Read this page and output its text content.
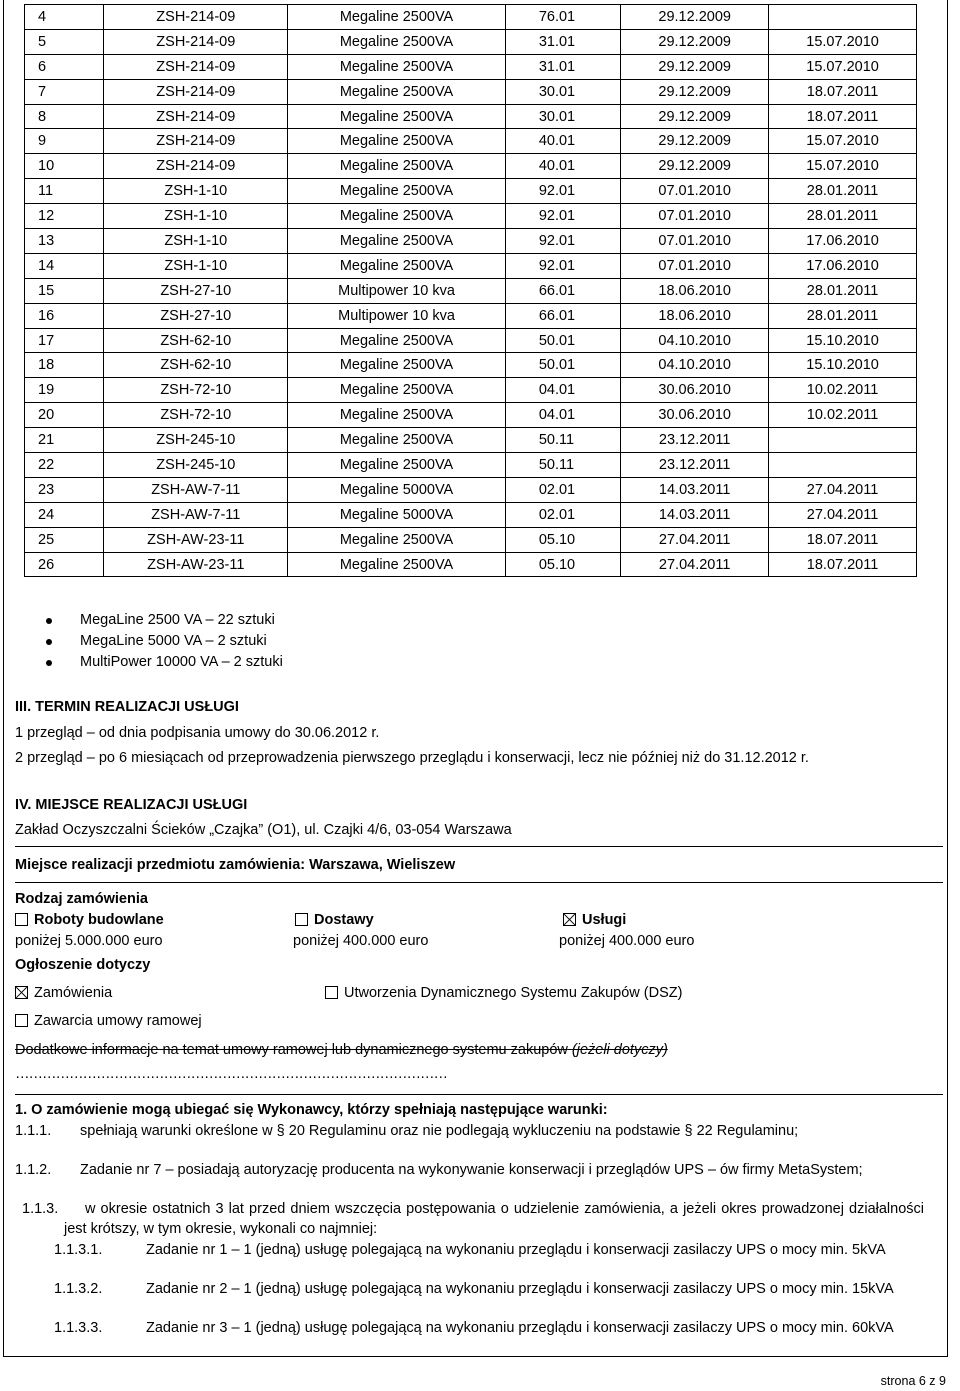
4	ZSH-214-09	Megaline 2500VA	76.01	29.12.2009	
5	ZSH-214-09	Megaline 2500VA	31.01	29.12.2009	15.07.2010
6	ZSH-214-09	Megaline 2500VA	31.01	29.12.2009	15.07.2010
7	ZSH-214-09	Megaline 2500VA	30.01	29.12.2009	18.07.2011
8	ZSH-214-09	Megaline 2500VA	30.01	29.12.2009	18.07.2011
9	ZSH-214-09	Megaline 2500VA	40.01	29.12.2009	15.07.2010
10	ZSH-214-09	Megaline 2500VA	40.01	29.12.2009	15.07.2010
11	ZSH-1-10	Megaline 2500VA	92.01	07.01.2010	28.01.2011
12	ZSH-1-10	Megaline 2500VA	92.01	07.01.2010	28.01.2011
13	ZSH-1-10	Megaline 2500VA	92.01	07.01.2010	17.06.2010
14	ZSH-1-10	Megaline 2500VA	92.01	07.01.2010	17.06.2010
15	ZSH-27-10	Multipower 10 kva	66.01	18.06.2010	28.01.2011
16	ZSH-27-10	Multipower 10 kva	66.01	18.06.2010	28.01.2011
17	ZSH-62-10	Megaline 2500VA	50.01	04.10.2010	15.10.2010
18	ZSH-62-10	Megaline 2500VA	50.01	04.10.2010	15.10.2010
19	ZSH-72-10	Megaline 2500VA	04.01	30.06.2010	10.02.2011
20	ZSH-72-10	Megaline 2500VA	04.01	30.06.2010	10.02.2011
21	ZSH-245-10	Megaline 2500VA	50.11	23.12.2011	
22	ZSH-245-10	Megaline 2500VA	50.11	23.12.2011	
23	ZSH-AW-7-11	Megaline 5000VA	02.01	14.03.2011	27.04.2011
24	ZSH-AW-7-11	Megaline 5000VA	02.01	14.03.2011	27.04.2011
25	ZSH-AW-23-11	Megaline 2500VA	05.10	27.04.2011	18.07.2011
26	ZSH-AW-23-11	Megaline 2500VA	05.10	27.04.2011	18.07.2011
MegaLine 2500 VA – 22 sztuki
MegaLine 5000 VA – 2 sztuki
MultiPower 10000 VA – 2 sztuki
III. TERMIN REALIZACJI USŁUGI
1 przegląd – od dnia podpisania umowy do 30.06.2012 r.
2 przegląd – po 6 miesiącach od przeprowadzenia pierwszego przeglądu i konserwacji, lecz nie później niż do 31.12.2012 r.
IV. MIEJSCE REALIZACJI USŁUGI
Zakład Oczyszczalni Ścieków „Czajka” (O1), ul. Czajki 4/6, 03-054 Warszawa
Miejsce realizacji przedmiotu zamówienia: Warszawa, Wieliszew
Rodzaj zamówienia
Roboty budowlane	Dostawy	Usługi
poniżej 5.000.000 euro	poniżej 400.000 euro	poniżej 400.000 euro
Ogłoszenie dotyczy
Zamówienia	Utworzenia Dynamicznego Systemu Zakupów (DSZ)
Zawarcia umowy ramowej
Dodatkowe informacje na temat umowy ramowej lub dynamicznego systemu zakupów (jeżeli dotyczy)
……………………………………………………………………………………
1. O zamówienie mogą ubiegać się Wykonawcy, którzy spełniają następujące warunki:
1.1.1.	spełniają warunki określone w § 20 Regulaminu oraz nie podlegają wykluczeniu na podstawie § 22 Regulaminu;
1.1.2.	Zadanie nr 7 – posiadają autoryzację producenta na wykonywanie konserwacji i przeglądów UPS – ów firmy MetaSystem;
1.1.3.	w okresie ostatnich 3 lat przed dniem wszczęcia postępowania o udzielenie zamówienia, a jeżeli okres prowadzonej działalności jest krótszy, w tym okresie, wykonali co najmniej:
1.1.3.1.	Zadanie nr 1 – 1 (jedną) usługę polegającą na wykonaniu przeglądu i konserwacji zasilaczy UPS o mocy min. 5kVA
1.1.3.2.	Zadanie nr 2 – 1 (jedną) usługę polegającą na wykonaniu przeglądu i konserwacji zasilaczy UPS o mocy min. 15kVA
1.1.3.3.	Zadanie nr 3 – 1 (jedną) usługę polegającą na wykonaniu przeglądu i konserwacji zasilaczy UPS o mocy min. 60kVA
strona 6 z 9
